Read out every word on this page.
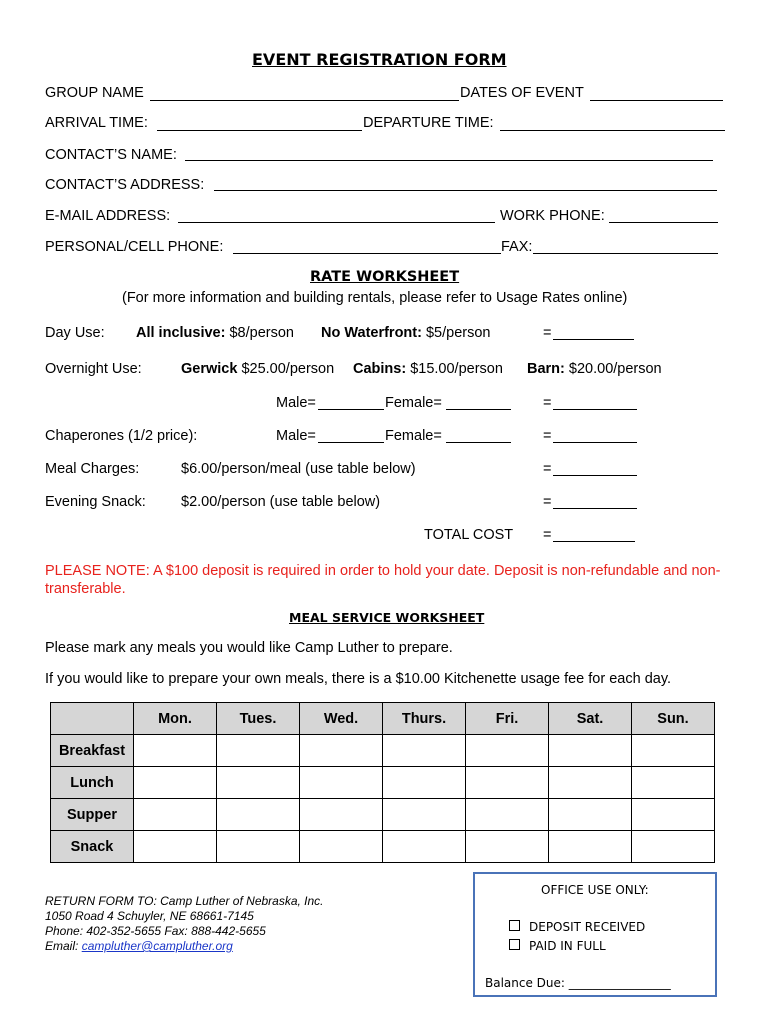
EVENT REGISTRATION FORM
GROUP NAME	DATES OF EVENT
ARRIVAL TIME:	DEPARTURE TIME:
CONTACT’S NAME:
CONTACT’S ADDRESS:
E-MAIL ADDRESS:	WORK PHONE:
PERSONAL/CELL PHONE:	FAX:
RATE WORKSHEET
(For more information and building rentals, please refer to Usage Rates online)
Day Use: All inclusive: $8/person No Waterfront: $5/person	=
Overnight Use:	Gerwick $25.00/person Cabins: $15.00/person Barn: $20.00/person
Male=	Female=	=
Chaperones (1/2 price):	Male=	Female=	=
Meal Charges:	$6.00/person/meal (use table below)	=
Evening Snack: $2.00/person (use table below)	=
TOTAL COST =
PLEASE NOTE: A $100 deposit is required in order to hold your date. Deposit is non-refundable and non-transferable.
MEAL SERVICE WORKSHEET
Please mark any meals you would like Camp Luther to prepare.
If you would like to prepare your own meals, there is a $10.00 Kitchenette usage fee for each day.
	Mon.	Tues.	Wed.	Thurs.	Fri.	Sat.	Sun.
Breakfast							
Lunch							
Supper							
Snack							
RETURN FORM TO: Camp Luther of Nebraska, Inc.
1050 Road 4 Schuyler, NE 68661-7145
Phone: 402-352-5655 Fax: 888-442-5655
Email: campluther@campluther.org
OFFICE USE ONLY:
DEPOSIT RECEIVED
PAID IN FULL
Balance Due: _________________
